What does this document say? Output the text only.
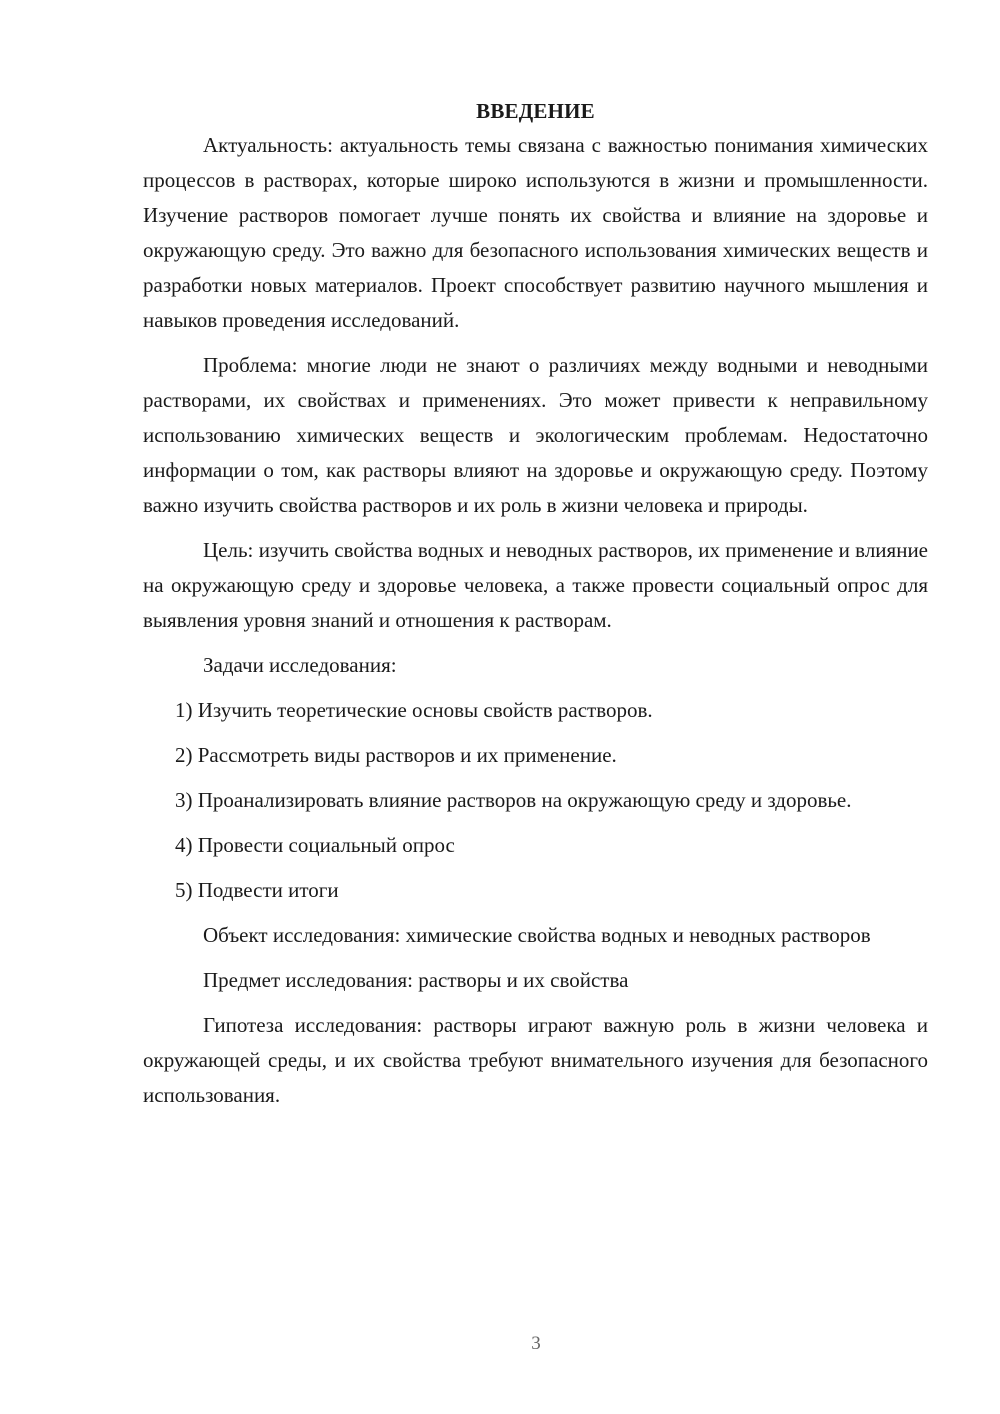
ВВЕДЕНИЕ

Актуальность: актуальность темы связана с важностью понимания химических процессов в растворах, которые широко используются в жизни и промышленности. Изучение растворов помогает лучше понять их свойства и влияние на здоровье и окружающую среду. Это важно для безопасного использования химических веществ и разработки новых материалов. Проект способствует развитию научного мышления и навыков проведения исследований.

Проблема: многие люди не знают о различиях между водными и неводными растворами, их свойствах и применениях. Это может привести к неправильному использованию химических веществ и экологическим проблемам. Недостаточно информации о том, как растворы влияют на здоровье и окружающую среду. Поэтому важно изучить свойства растворов и их роль в жизни человека и природы.

Цель: изучить свойства водных и неводных растворов, их применение и влияние на окружающую среду и здоровье человека, а также провести социальный опрос для выявления уровня знаний и отношения к растворам.

Задачи исследования:

1) Изучить теоретические основы свойств растворов.

2) Рассмотреть виды растворов и их применение.

3) Проанализировать влияние растворов на окружающую среду и здоровье.

4) Провести социальный опрос

5) Подвести итоги

Объект исследования: химические свойства водных и неводных растворов

Предмет исследования: растворы и их свойства

Гипотеза исследования: растворы играют важную роль в жизни человека и окружающей среды, и их свойства требуют внимательного изучения для безопасного использования.

3
